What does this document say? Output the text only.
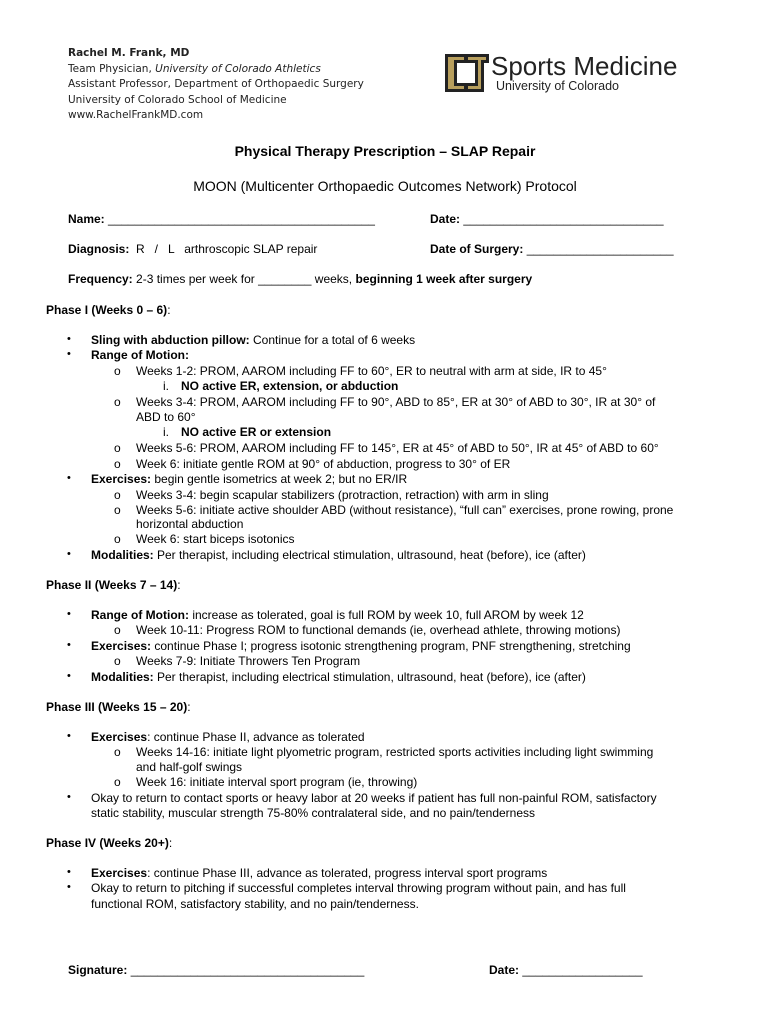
Rachel M. Frank, MD
Team Physician, University of Colorado Athletics
Assistant Professor, Department of Orthopaedic Surgery
University of Colorado School of Medicine
www.RachelFrankMD.com
Sports Medicine
University of Colorado
Physical Therapy Prescription – SLAP Repair
MOON (Multicenter Orthopaedic Outcomes Network) Protocol
Name: ________________________________________	Date: ______________________________
Diagnosis: R   /   L   arthroscopic SLAP repair	Date of Surgery: ______________________
Frequency: 2-3 times per week for ________ weeks, beginning 1 week after surgery
Phase I (Weeks 0 – 6):
• Sling with abduction pillow: Continue for a total of 6 weeks
• Range of Motion:
o Weeks 1-2: PROM, AAROM including FF to 60°, ER to neutral with arm at side, IR to 45°
i. NO active ER, extension, or abduction
o Weeks 3-4: PROM, AAROM including FF to 90°, ABD to 85°, ER at 30° of ABD to 30°, IR at 30° of
ABD to 60°
i. NO active ER or extension
o Weeks 5-6: PROM, AAROM including FF to 145°, ER at 45° of ABD to 50°, IR at 45° of ABD to 60°
o Week 6: initiate gentle ROM at 90° of abduction, progress to 30° of ER
• Exercises: begin gentle isometrics at week 2; but no ER/IR
o Weeks 3-4: begin scapular stabilizers (protraction, retraction) with arm in sling
o Weeks 5-6: initiate active shoulder ABD (without resistance), “full can” exercises, prone rowing, prone
horizontal abduction
o Week 6: start biceps isotonics
• Modalities: Per therapist, including electrical stimulation, ultrasound, heat (before), ice (after)
Phase II (Weeks 7 – 14):
• Range of Motion: increase as tolerated, goal is full ROM by week 10, full AROM by week 12
o Week 10-11: Progress ROM to functional demands (ie, overhead athlete, throwing motions)
• Exercises: continue Phase I; progress isotonic strengthening program, PNF strengthening, stretching
o Weeks 7-9: Initiate Throwers Ten Program
• Modalities: Per therapist, including electrical stimulation, ultrasound, heat (before), ice (after)
Phase III (Weeks 15 – 20):
• Exercises: continue Phase II, advance as tolerated
o Weeks 14-16: initiate light plyometric program, restricted sports activities including light swimming
and half-golf swings
o Week 16: initiate interval sport program (ie, throwing)
• Okay to return to contact sports or heavy labor at 20 weeks if patient has full non-painful ROM, satisfactory
static stability, muscular strength 75-80% contralateral side, and no pain/tenderness
Phase IV (Weeks 20+):
• Exercises: continue Phase III, advance as tolerated, progress interval sport programs
• Okay to return to pitching if successful completes interval throwing program without pain, and has full
functional ROM, satisfactory stability, and no pain/tenderness.
Signature: ___________________________________	Date: __________________
